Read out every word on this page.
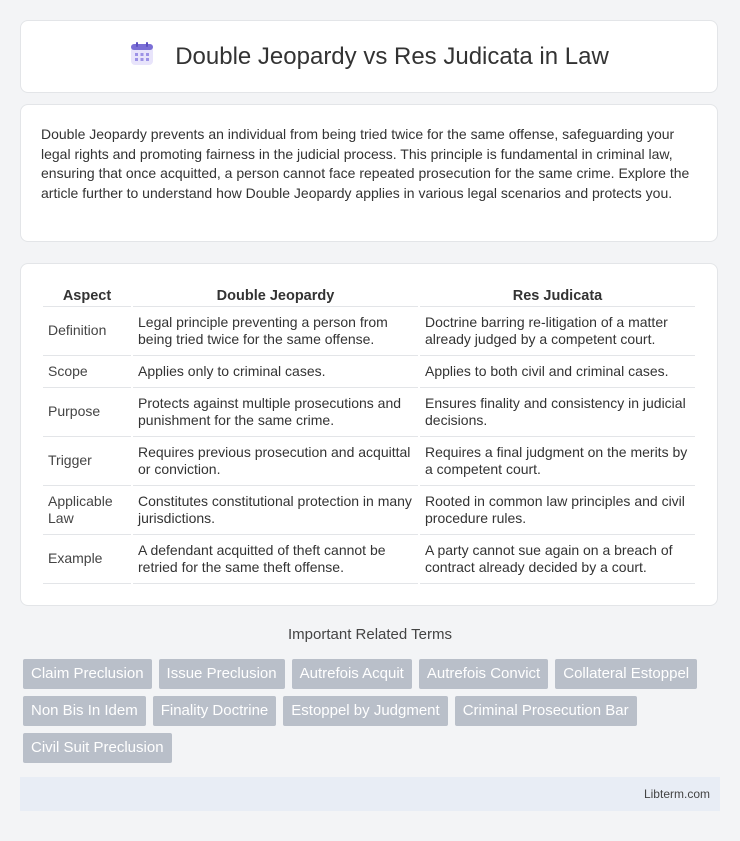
Double Jeopardy vs Res Judicata in Law

Double Jeopardy prevents an individual from being tried twice for the same offense, safeguarding your legal rights and promoting fairness in the judicial process. This principle is fundamental in criminal law, ensuring that once acquitted, a person cannot face repeated prosecution for the same crime. Explore the article further to understand how Double Jeopardy applies in various legal scenarios and protects you.

Aspect	Double Jeopardy	Res Judicata
Definition	Legal principle preventing a person from being tried twice for the same offense.	Doctrine barring re-litigation of a matter already judged by a competent court.
Scope	Applies only to criminal cases.	Applies to both civil and criminal cases.
Purpose	Protects against multiple prosecutions and punishment for the same crime.	Ensures finality and consistency in judicial decisions.
Trigger	Requires previous prosecution and acquittal or conviction.	Requires a final judgment on the merits by a competent court.
Applicable Law	Constitutes constitutional protection in many jurisdictions.	Rooted in common law principles and civil procedure rules.
Example	A defendant acquitted of theft cannot be retried for the same theft offense.	A party cannot sue again on a breach of contract already decided by a court.
Important Related Terms
Claim Preclusion	Issue Preclusion	Autrefois Acquit	Autrefois Convict	Collateral Estoppel
Non Bis In Idem	Finality Doctrine	Estoppel by Judgment	Criminal Prosecution Bar
Civil Suit Preclusion
Libterm.com
